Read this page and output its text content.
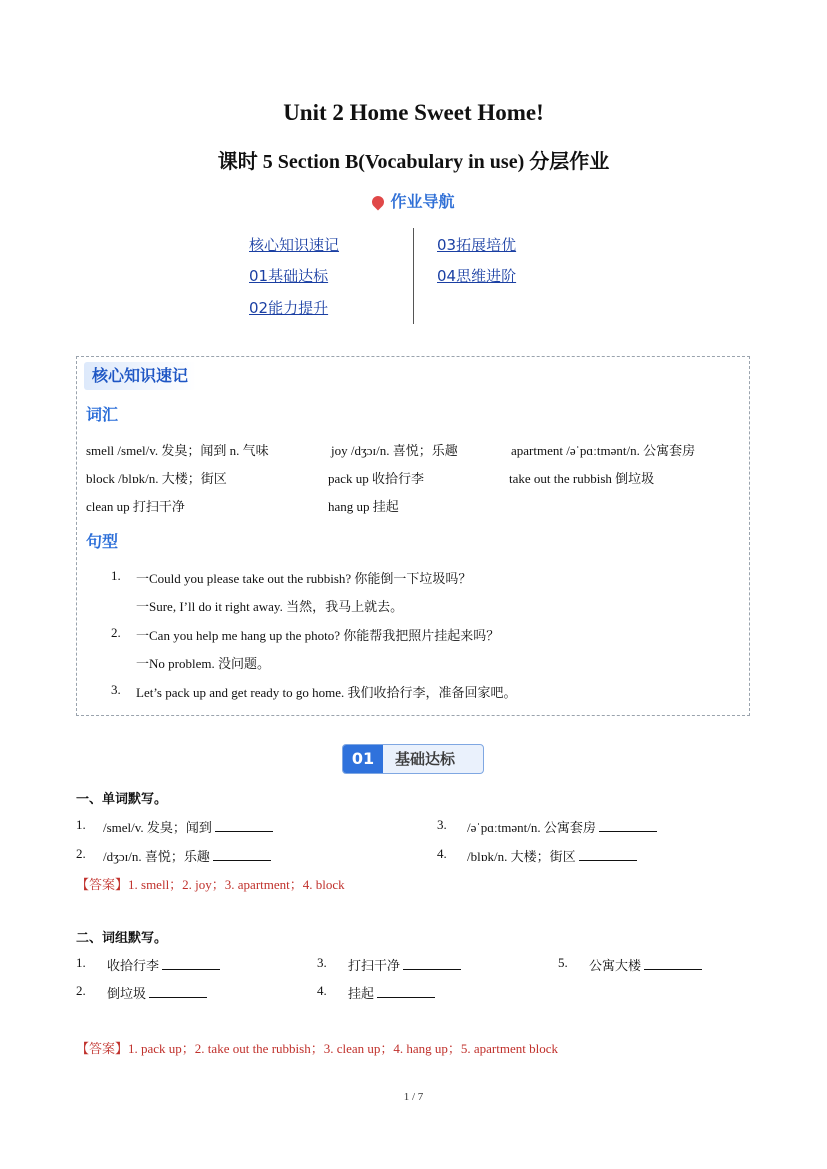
Unit 2 Home Sweet Home!
课时 5 Section B(Vocabulary in use) 分层作业
作业导航
核心知识速记
01基础达标
02能力提升
03拓展培优
04思维进阶
核心知识速记
词汇
smell /smel/v. 发臭；闻到 n. 气味	joy /dʒɔɪ/n. 喜悦；乐趣	apartment /əˈpɑːtmənt/n. 公寓套房
block /blɒk/n. 大楼；街区	pack up 收拾行李	take out the rubbish 倒垃圾
clean up 打扫干净	hang up 挂起
句型
1. 一Could you please take out the rubbish? 你能倒一下垃圾吗？
一Sure, I’ll do it right away. 当然，我马上就去。
2. 一Can you help me hang up the photo? 你能帮我把照片挂起来吗？
一No problem. 没问题。
3. Let’s pack up and get ready to go home. 我们收拾行李，准备回家吧。
01	基础达标
一、单词默写。
1. /smel/v. 发臭；闻到	3. /əˈpɑːtmənt/n. 公寓套房
2. /dʒɔɪ/n. 喜悦；乐趣	4. /blɒk/n. 大楼；街区
【答案】1. smell；2. joy；3. apartment；4. block
二、词组默写。
1. 收拾行李	3. 打扫干净	5. 公寓大楼
2. 倒垃圾	4. 挂起
【答案】1. pack up；2. take out the rubbish；3. clean up；4. hang up；5. apartment block
1 / 7
